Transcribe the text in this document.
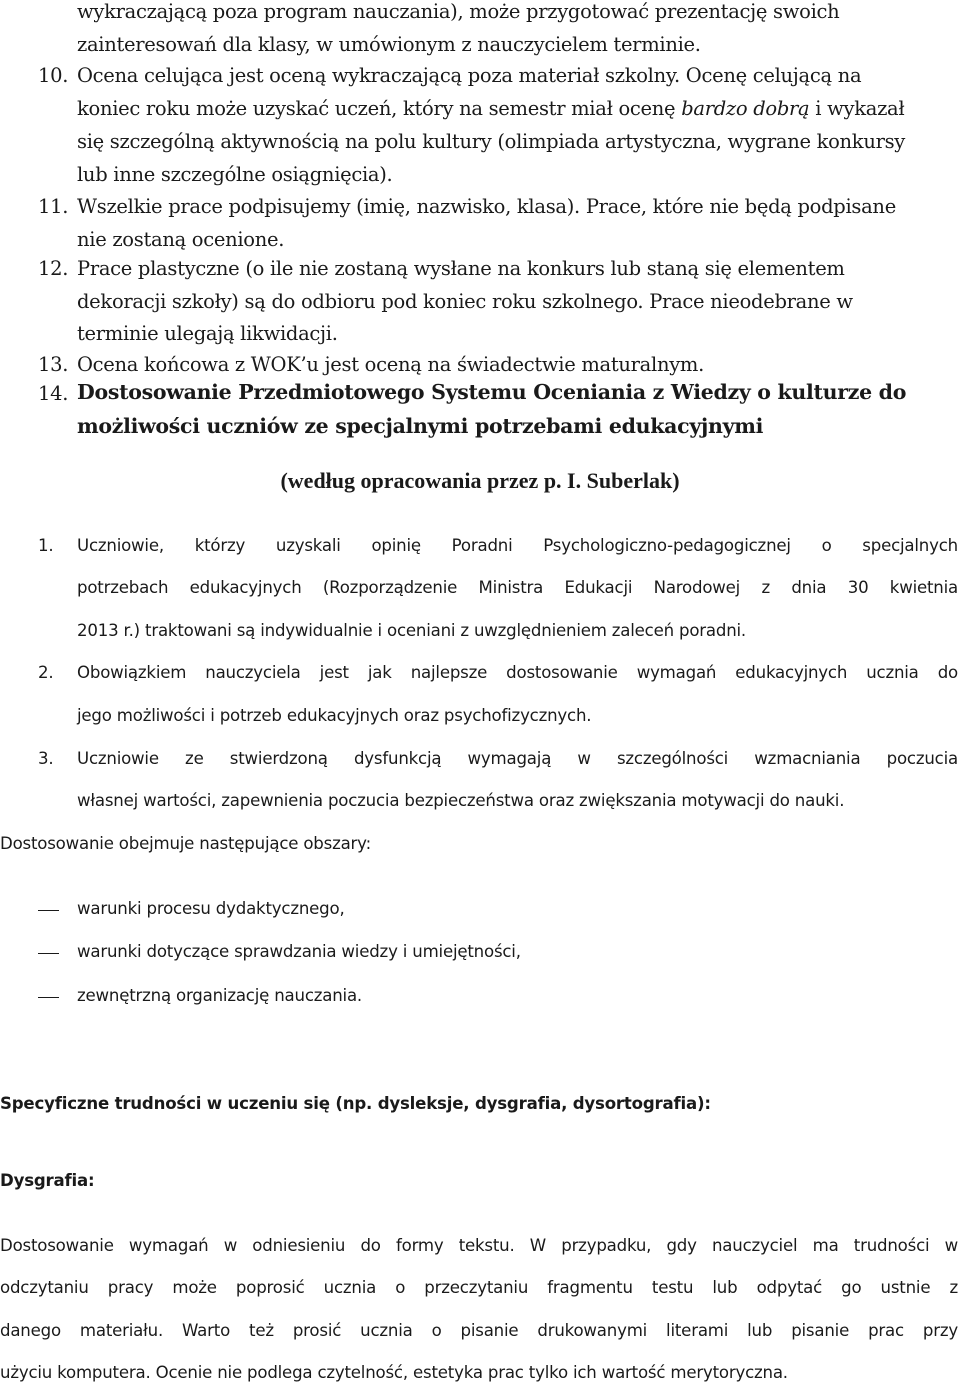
wykraczającą poza program nauczania), może przygotować prezentację swoich
zainteresowań dla klasy, w umówionym z nauczycielem terminie.
10. Ocena celująca jest oceną wykraczającą poza materiał szkolny. Ocenę celującą na
koniec roku może uzyskać uczeń, który na semestr miał ocenę bardzo dobrą i wykazał
się szczególną aktywnością na polu kultury (olimpiada artystyczna, wygrane konkursy
lub inne szczególne osiągnięcia).
11. Wszelkie prace podpisujemy (imię, nazwisko, klasa). Prace, które nie będą podpisane
nie zostaną ocenione.
12. Prace plastyczne (o ile nie zostaną wysłane na konkurs lub staną się elementem
dekoracji szkoły) są do odbioru pod koniec roku szkolnego. Prace nieodebrane w
terminie ulegają likwidacji.
13. Ocena końcowa z WOK’u jest oceną na świadectwie maturalnym.
14. Dostosowanie Przedmiotowego Systemu Oceniania z Wiedzy o kulturze do
możliwości uczniów ze specjalnymi potrzebami edukacyjnymi
(według opracowania przez p. I. Suberlak)
1. Uczniowie, którzy uzyskali opinię Poradni Psychologiczno-pedagogicznej o specjalnych
potrzebach edukacyjnych (Rozporządzenie Ministra Edukacji Narodowej z dnia 30 kwietnia
2013 r.) traktowani są indywidualnie i oceniani z uwzględnieniem zaleceń poradni.
2. Obowiązkiem nauczyciela jest jak najlepsze dostosowanie wymagań edukacyjnych ucznia do
jego możliwości i potrzeb edukacyjnych oraz psychofizycznych.
3. Uczniowie ze stwierdzoną dysfunkcją wymagają w szczególności wzmacniania poczucia
własnej wartości, zapewnienia poczucia bezpieczeństwa oraz zwiększania motywacji do nauki.
Dostosowanie obejmuje następujące obszary:
warunki procesu dydaktycznego,
warunki dotyczące sprawdzania wiedzy i umiejętności,
zewnętrzną organizację nauczania.
Specyficzne trudności w uczeniu się (np. dysleksje, dysgrafia, dysortografia):
Dysgrafia:
Dostosowanie wymagań w odniesieniu do formy tekstu. W przypadku, gdy nauczyciel ma trudności w
odczytaniu pracy może poprosić ucznia o przeczytaniu fragmentu testu lub odpytać go ustnie z
danego materiału. Warto też prosić ucznia o pisanie drukowanymi literami lub pisanie prac przy
użyciu komputera. Ocenie nie podlega czytelność, estetyka prac tylko ich wartość merytoryczna.
